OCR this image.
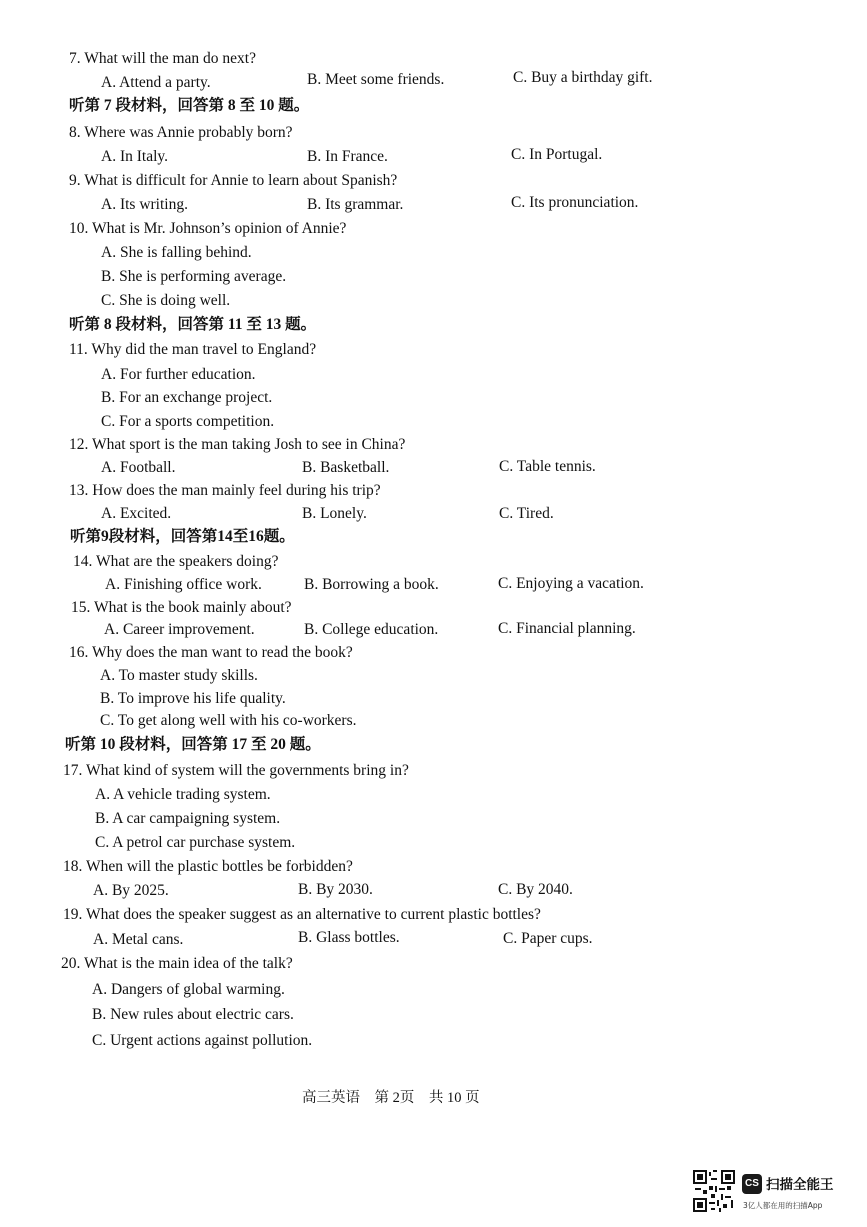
7. What will the man do next?
A. Attend a party.	B. Meet some friends.	C. Buy a birthday gift.
听第 7 段材料，回答第 8 至 10 题。
8. Where was Annie probably born?
A. In Italy.	B. In France.	C. In Portugal.
9. What is difficult for Annie to learn about Spanish?
A. Its writing.	B. Its grammar.	C. Its pronunciation.
10. What is Mr. Johnson’s opinion of Annie?
A. She is falling behind.
B. She is performing average.
C. She is doing well.
听第 8 段材料，回答第 11 至 13 题。
11. Why did the man travel to England?
A. For further education.
B. For an exchange project.
C. For a sports competition.
12. What sport is the man taking Josh to see in China?
A. Football.	B. Basketball.	C. Table tennis.
13. How does the man mainly feel during his trip?
A. Excited.	B. Lonely.	C. Tired.
听第9段材料，回答第14至16题。
14. What are the speakers doing?
A. Finishing office work.	B. Borrowing a book.	C. Enjoying a vacation.
15. What is the book mainly about?
A. Career improvement.	B. College education.	C. Financial planning.
16. Why does the man want to read the book?
A. To master study skills.
B. To improve his life quality.
C. To get along well with his co-workers.
听第 10 段材料，回答第 17 至 20 题。
17. What kind of system will the governments bring in?
A. A vehicle trading system.
B. A car campaigning system.
C. A petrol car purchase system.
18. When will the plastic bottles be forbidden?
A. By 2025.	B. By 2030.	C. By 2040.
19. What does the speaker suggest as an alternative to current plastic bottles?
A. Metal cans.	B. Glass bottles.	C. Paper cups.
20. What is the main idea of the talk?
A. Dangers of global warming.
B. New rules about electric cars.
C. Urgent actions against pollution.
高三英语　第 2页　共 10 页
CS 扫描全能王
3亿人都在用的扫描App
